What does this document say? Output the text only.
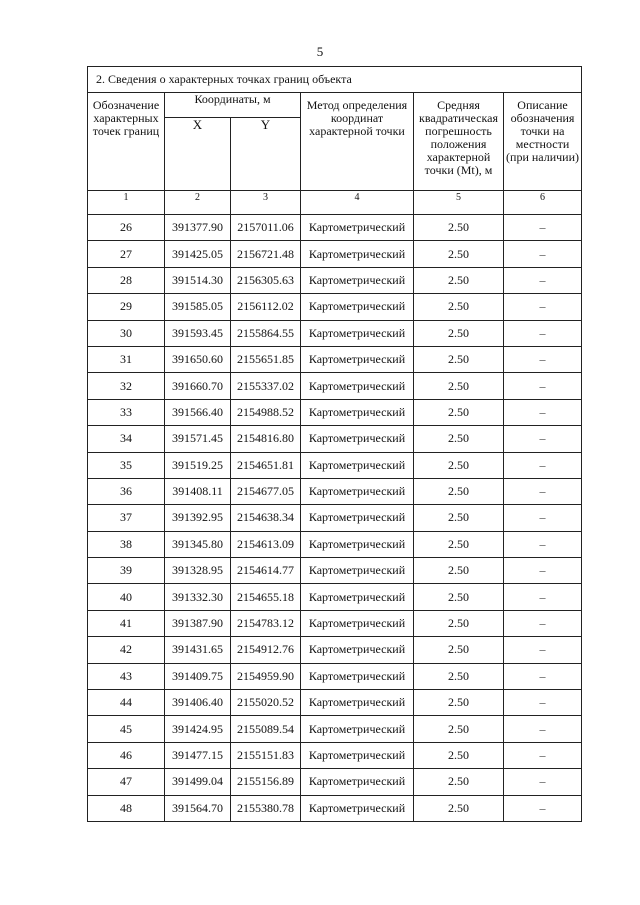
5
2. Сведения о характерных точках границ объекта					
Обозначение характерных точек границ	Координаты, м		Метод определения координат характерной точки	Средняя квадратическая погрешность положения характерной точки (Mt), м	Описание обозначения точки на местности (при наличии)
	X	Y			
1	2	3	4	5	6
26	391377.90	2157011.06	Картометрический	2.50	–
27	391425.05	2156721.48	Картометрический	2.50	–
28	391514.30	2156305.63	Картометрический	2.50	–
29	391585.05	2156112.02	Картометрический	2.50	–
30	391593.45	2155864.55	Картометрический	2.50	–
31	391650.60	2155651.85	Картометрический	2.50	–
32	391660.70	2155337.02	Картометрический	2.50	–
33	391566.40	2154988.52	Картометрический	2.50	–
34	391571.45	2154816.80	Картометрический	2.50	–
35	391519.25	2154651.81	Картометрический	2.50	–
36	391408.11	2154677.05	Картометрический	2.50	–
37	391392.95	2154638.34	Картометрический	2.50	–
38	391345.80	2154613.09	Картометрический	2.50	–
39	391328.95	2154614.77	Картометрический	2.50	–
40	391332.30	2154655.18	Картометрический	2.50	–
41	391387.90	2154783.12	Картометрический	2.50	–
42	391431.65	2154912.76	Картометрический	2.50	–
43	391409.75	2154959.90	Картометрический	2.50	–
44	391406.40	2155020.52	Картометрический	2.50	–
45	391424.95	2155089.54	Картометрический	2.50	–
46	391477.15	2155151.83	Картометрический	2.50	–
47	391499.04	2155156.89	Картометрический	2.50	–
48	391564.70	2155380.78	Картометрический	2.50	–
